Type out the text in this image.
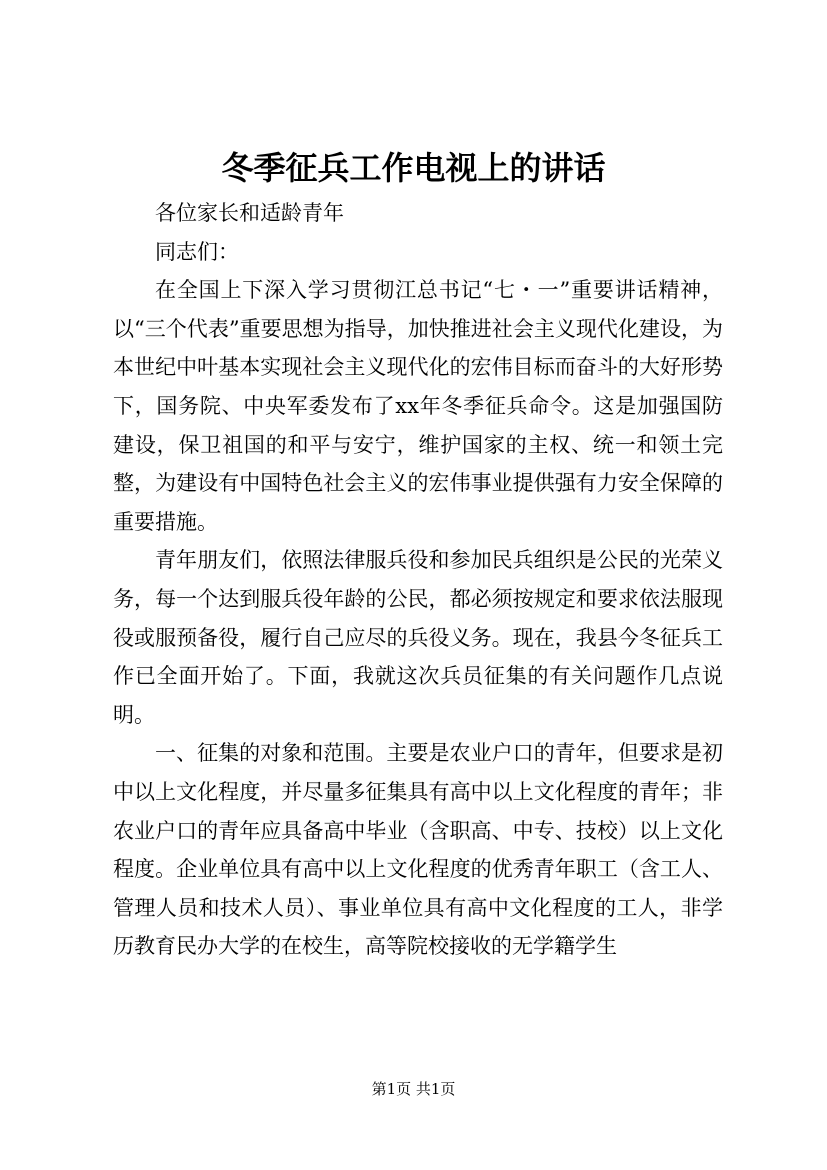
冬季征兵工作电视上的讲话

各位家长和适龄青年

同志们：

在全国上下深入学习贯彻江总书记“七・一”重要讲话精神，以“三个代表”重要思想为指导，加快推进社会主义现代化建设，为本世纪中叶基本实现社会主义现代化的宏伟目标而奋斗的大好形势下，国务院、中央军委发布了xx年冬季征兵命令。这是加强国防建设，保卫祖国的和平与安宁，维护国家的主权、统一和领土完整，为建设有中国特色社会主义的宏伟事业提供强有力安全保障的重要措施。

青年朋友们，依照法律服兵役和参加民兵组织是公民的光荣义务，每一个达到服兵役年龄的公民，都必须按规定和要求依法服现役或服预备役，履行自己应尽的兵役义务。现在，我县今冬征兵工作已全面开始了。下面，我就这次兵员征集的有关问题作几点说明。

一、征集的对象和范围。主要是农业户口的青年，但要求是初中以上文化程度，并尽量多征集具有高中以上文化程度的青年；非农业户口的青年应具备高中毕业（含职高、中专、技校）以上文化程度。企业单位具有高中以上文化程度的优秀青年职工（含工人、管理人员和技术人员）、事业单位具有高中文化程度的工人，非学历教育民办大学的在校生，高等院校接收的无学籍学生

第1页 共1页
